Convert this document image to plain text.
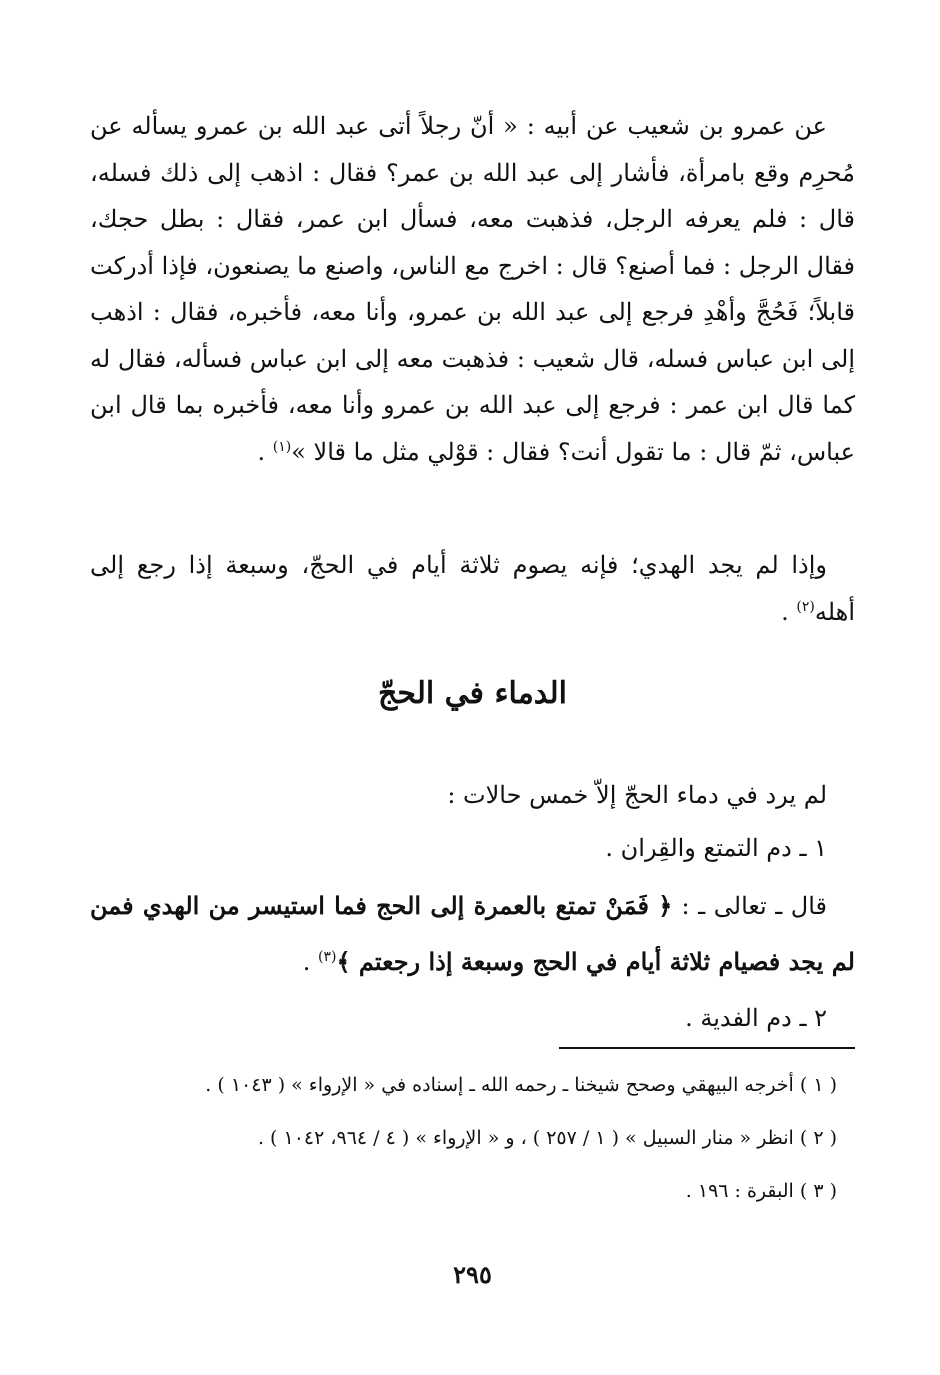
عن عمرو بن شعيب عن أبيه : « أنّ رجلاً أتى عبد الله بن عمرو يسأله عن مُحرِم وقع بامرأة، فأشار إلى عبد الله بن عمر؟ فقال : اذهب إلى ذلك فسله، قال : فلم يعرفه الرجل، فذهبت معه، فسأل ابن عمر، فقال : بطل حجك، فقال الرجل : فما أصنع؟ قال : اخرج مع الناس، واصنع ما يصنعون، فإذا أدركت قابلاً؛ فَحُجَّ وأهْدِ فرجع إلى عبد الله بن عمرو، وأنا معه، فأخبره، فقال : اذهب إلى ابن عباس فسله، قال شعيب : فذهبت معه إلى ابن عباس فسأله، فقال له كما قال ابن عمر : فرجع إلى عبد الله بن عمرو وأنا معه، فأخبره بما قال ابن عباس، ثمّ قال : ما تقول أنت؟ فقال : قوْلي مثل ما قالا »$^{(١)}$ .

وإذا لم يجد الهدي؛ فإنه يصوم ثلاثة أيام في الحجّ، وسبعة إذا رجع إلى أهله$^{(٢)}$ .

الدماء في الحجّ

لم يرد في دماء الحجّ إلاّ خمس حالات :

١ ـ دم التمتع والقِران .

قال ـ تعالى ـ : ﴿ فَمَنْ تمتع بالعمرة إلى الحج فما استيسر من الهدي فمن لم يجد فصيام ثلاثة أيام في الحج وسبعة إذا رجعتم ﴾$^{(٣)}$ .

٢ ـ دم الفدية .

( ١ ) أخرجه البيهقي وصحح شيخنا ـ رحمه الله ـ إسناده في « الإرواء » ( ١٠٤٣ ) .
( ٢ ) انظر « منار السبيل » ( ١ / ٢٥٧ ) ، و « الإرواء » ( ٤ / ٩٦٤، ١٠٤٢ ) .
( ٣ ) البقرة : ١٩٦ .
٢٩٥
